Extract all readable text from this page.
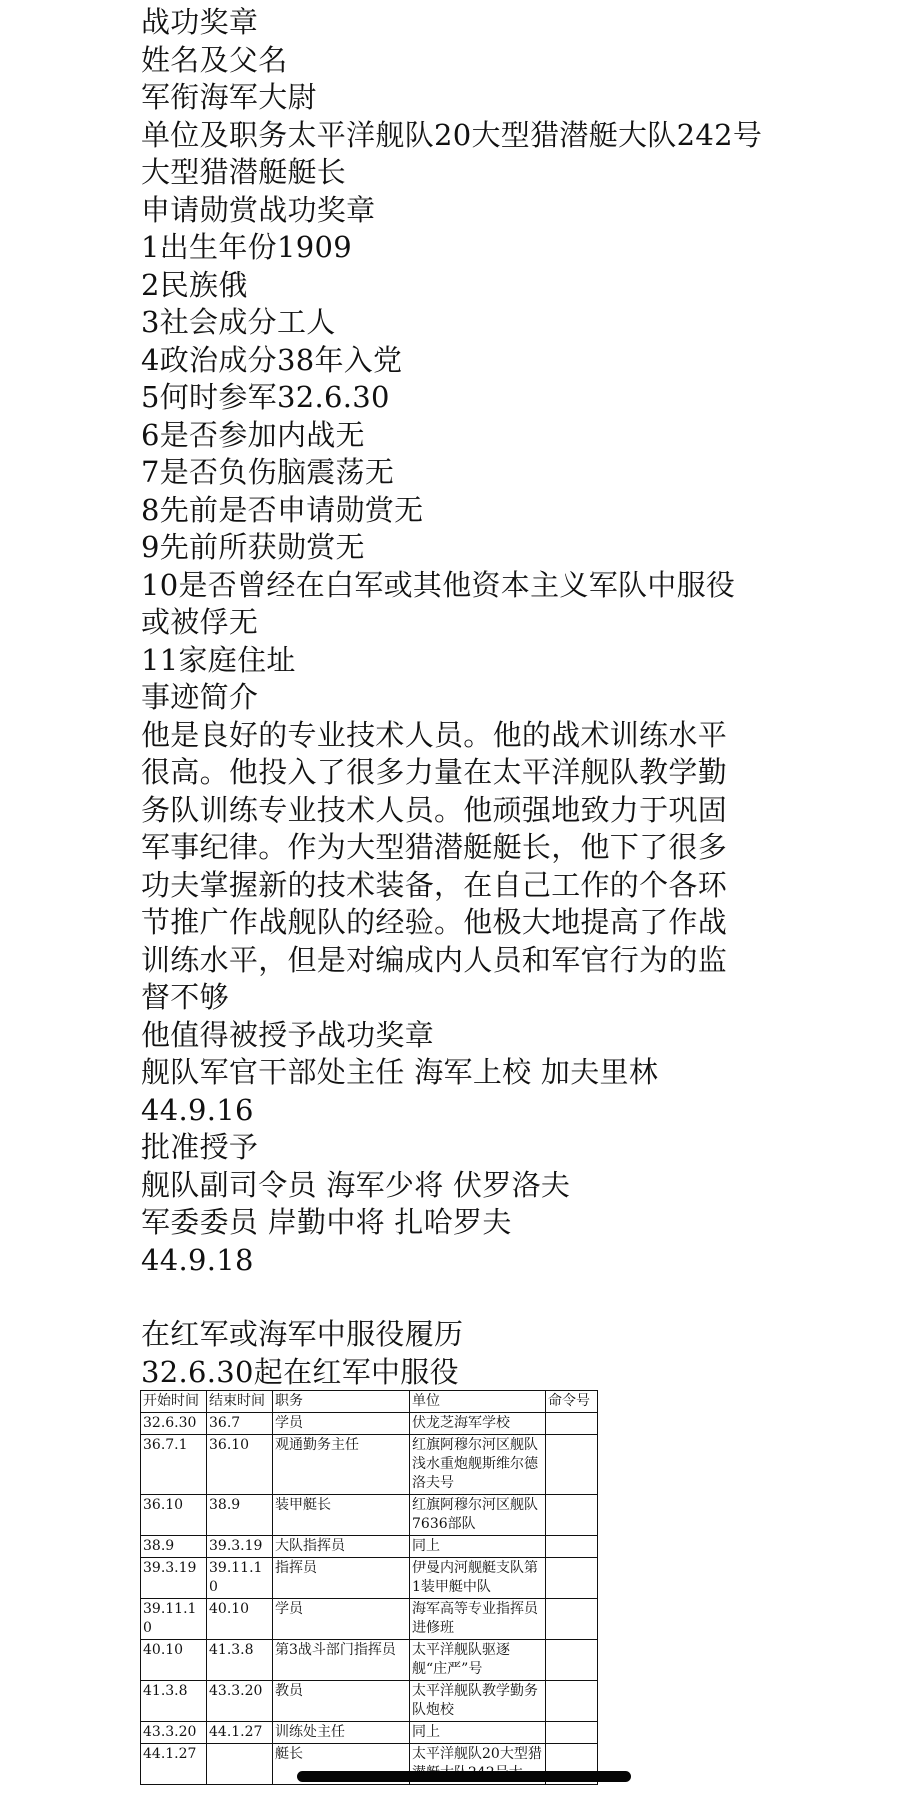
战功奖章
姓名及父名
军衔海军大尉
单位及职务太平洋舰队20大型猎潜艇大队242号
大型猎潜艇艇长
申请勋赏战功奖章
1出生年份1909
2民族俄
3社会成分工人
4政治成分38年入党
5何时参军32.6.30
6是否参加内战无
7是否负伤脑震荡无
8先前是否申请勋赏无
9先前所获勋赏无
10是否曾经在白军或其他资本主义军队中服役
或被俘无
11家庭住址
事迹简介
他是良好的专业技术人员。他的战术训练水平
很高。他投入了很多力量在太平洋舰队教学勤
务队训练专业技术人员。他顽强地致力于巩固
军事纪律。作为大型猎潜艇艇长，他下了很多
功夫掌握新的技术装备，在自己工作的个各环
节推广作战舰队的经验。他极大地提高了作战
训练水平，但是对编成内人员和军官行为的监
督不够
他值得被授予战功奖章
舰队军官干部处主任 海军上校 加夫里林
44.9.16
批准授予
舰队副司令员 海军少将 伏罗洛夫
军委委员 岸勤中将 扎哈罗夫
44.9.18
在红军或海军中服役履历
32.6.30起在红军中服役
开始时间	结束时间	职务	单位	命令号
32.6.30	36.7	学员	伏龙芝海军学校	
36.7.1	36.10	观通勤务主任	红旗阿穆尔河区舰队浅水重炮舰斯维尔德洛夫号	
36.10	38.9	装甲艇长	红旗阿穆尔河区舰队7636部队	
38.9	39.3.19	大队指挥员	同上	
39.3.19	39.11.10	指挥员	伊曼内河舰艇支队第1装甲艇中队	
39.11.10	40.10	学员	海军高等专业指挥员进修班	
40.10	41.3.8	第3战斗部门指挥员	太平洋舰队驱逐舰“庄严”号	
41.3.8	43.3.20	教员	太平洋舰队教学勤务队炮校	
43.3.20	44.1.27	训练处主任	同上	
44.1.27		艇长	太平洋舰队20大型猎	
